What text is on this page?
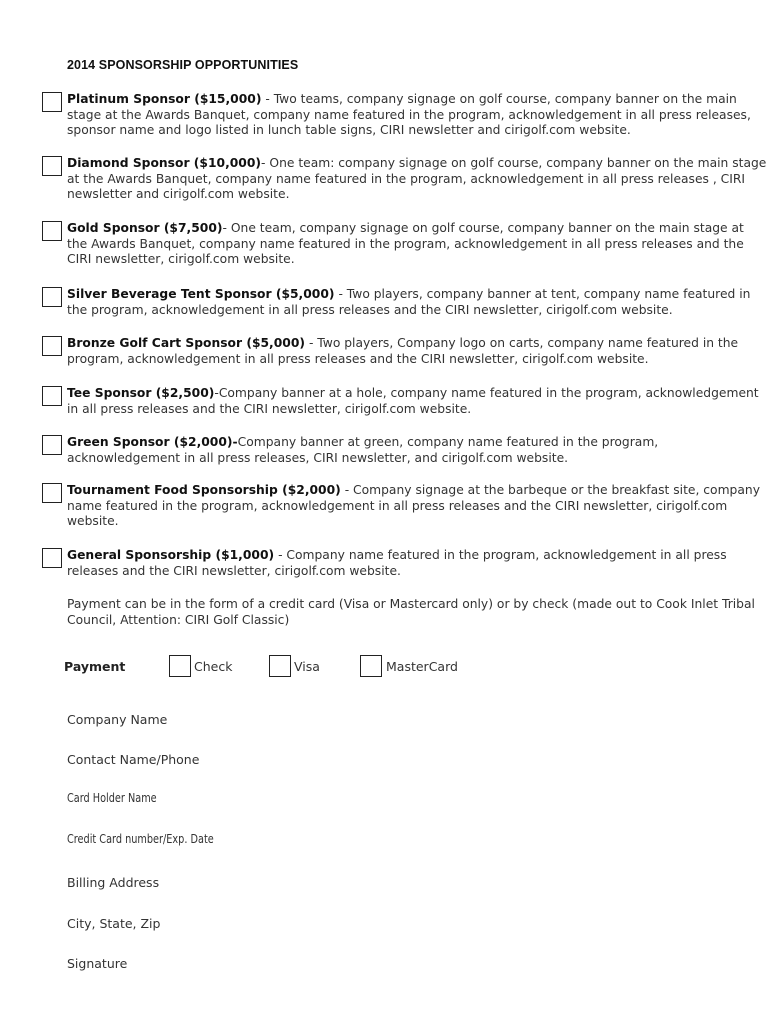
2014 SPONSORSHIP OPPORTUNITIES
Platinum Sponsor ($15,000) - Two teams, company signage on golf course, company banner on the main stage at the Awards Banquet, company name featured in the program, acknowledgement in all press releases, sponsor name and logo listed in lunch table signs, CIRI newsletter and cirigolf.com website.
Diamond Sponsor ($10,000)- One team: company signage on golf course, company banner on the main stage at the Awards Banquet, company name featured in the program, acknowledgement in all press releases , CIRI newsletter and cirigolf.com website.
Gold Sponsor ($7,500)- One team, company signage on golf course, company banner on the main stage at the Awards Banquet, company name featured in the program, acknowledgement in all press releases and the CIRI newsletter, cirigolf.com website.
Silver Beverage Tent Sponsor ($5,000) - Two players, company banner at tent, company name featured in the program, acknowledgement in all press releases and the CIRI newsletter, cirigolf.com website.
Bronze Golf Cart Sponsor ($5,000) - Two players, Company logo on carts, company name featured in the program, acknowledgement in all press releases and the CIRI newsletter, cirigolf.com website.
Tee Sponsor ($2,500)-Company banner at a hole, company name featured in the program, acknowledgement in all press releases and the CIRI newsletter, cirigolf.com website.
Green Sponsor ($2,000)-Company banner at green, company name featured in the program, acknowledgement in all press releases, CIRI newsletter, and cirigolf.com website.
Tournament Food Sponsorship ($2,000) - Company signage at the barbeque or the breakfast site, company name featured in the program, acknowledgement in all press releases and the CIRI newsletter, cirigolf.com website.
General Sponsorship ($1,000) - Company name featured in the program, acknowledgement in all press releases and the CIRI newsletter, cirigolf.com website.
Payment can be in the form of a credit card (Visa or Mastercard only) or by check (made out to Cook Inlet Tribal Council, Attention: CIRI Golf Classic)
Payment	Check	Visa	MasterCard
Company Name
Contact Name/Phone
Card Holder Name
Credit Card number/Exp. Date
Billing Address
City, State, Zip
Signature
